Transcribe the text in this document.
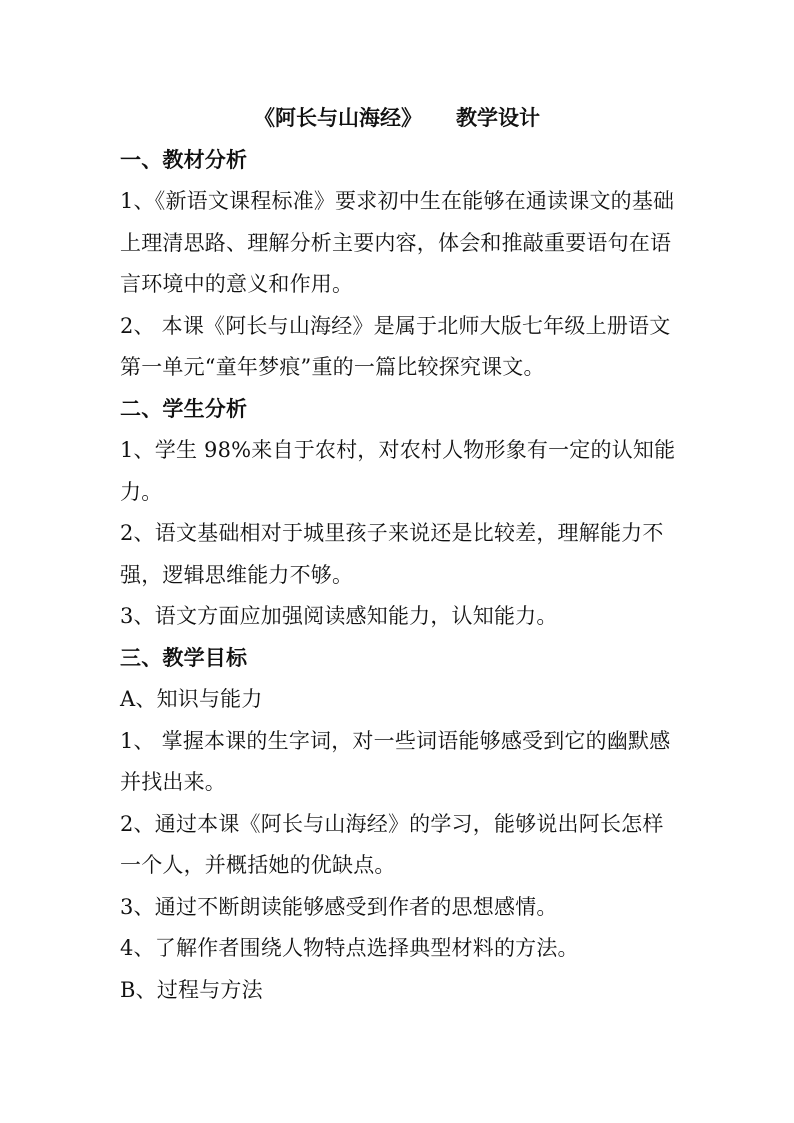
《阿长与山海经》 教学设计
一、教材分析
1、《新语文课程标准》要求初中生在能够在通读课文的基础
上理清思路、理解分析主要内容，体会和推敲重要语句在语
言环境中的意义和作用。
2、 本课《阿长与山海经》是属于北师大版七年级上册语文
第一单元“童年梦痕”重的一篇比较探究课文。
二、学生分析
1、学生 98%来自于农村，对农村人物形象有一定的认知能
力。
2、语文基础相对于城里孩子来说还是比较差，理解能力不
强，逻辑思维能力不够。
3、语文方面应加强阅读感知能力，认知能力。
三、教学目标
A、知识与能力
1、 掌握本课的生字词，对一些词语能够感受到它的幽默感
并找出来。
2、通过本课《阿长与山海经》的学习，能够说出阿长怎样
一个人，并概括她的优缺点。
3、通过不断朗读能够感受到作者的思想感情。
4、了解作者围绕人物特点选择典型材料的方法。
B、过程与方法
